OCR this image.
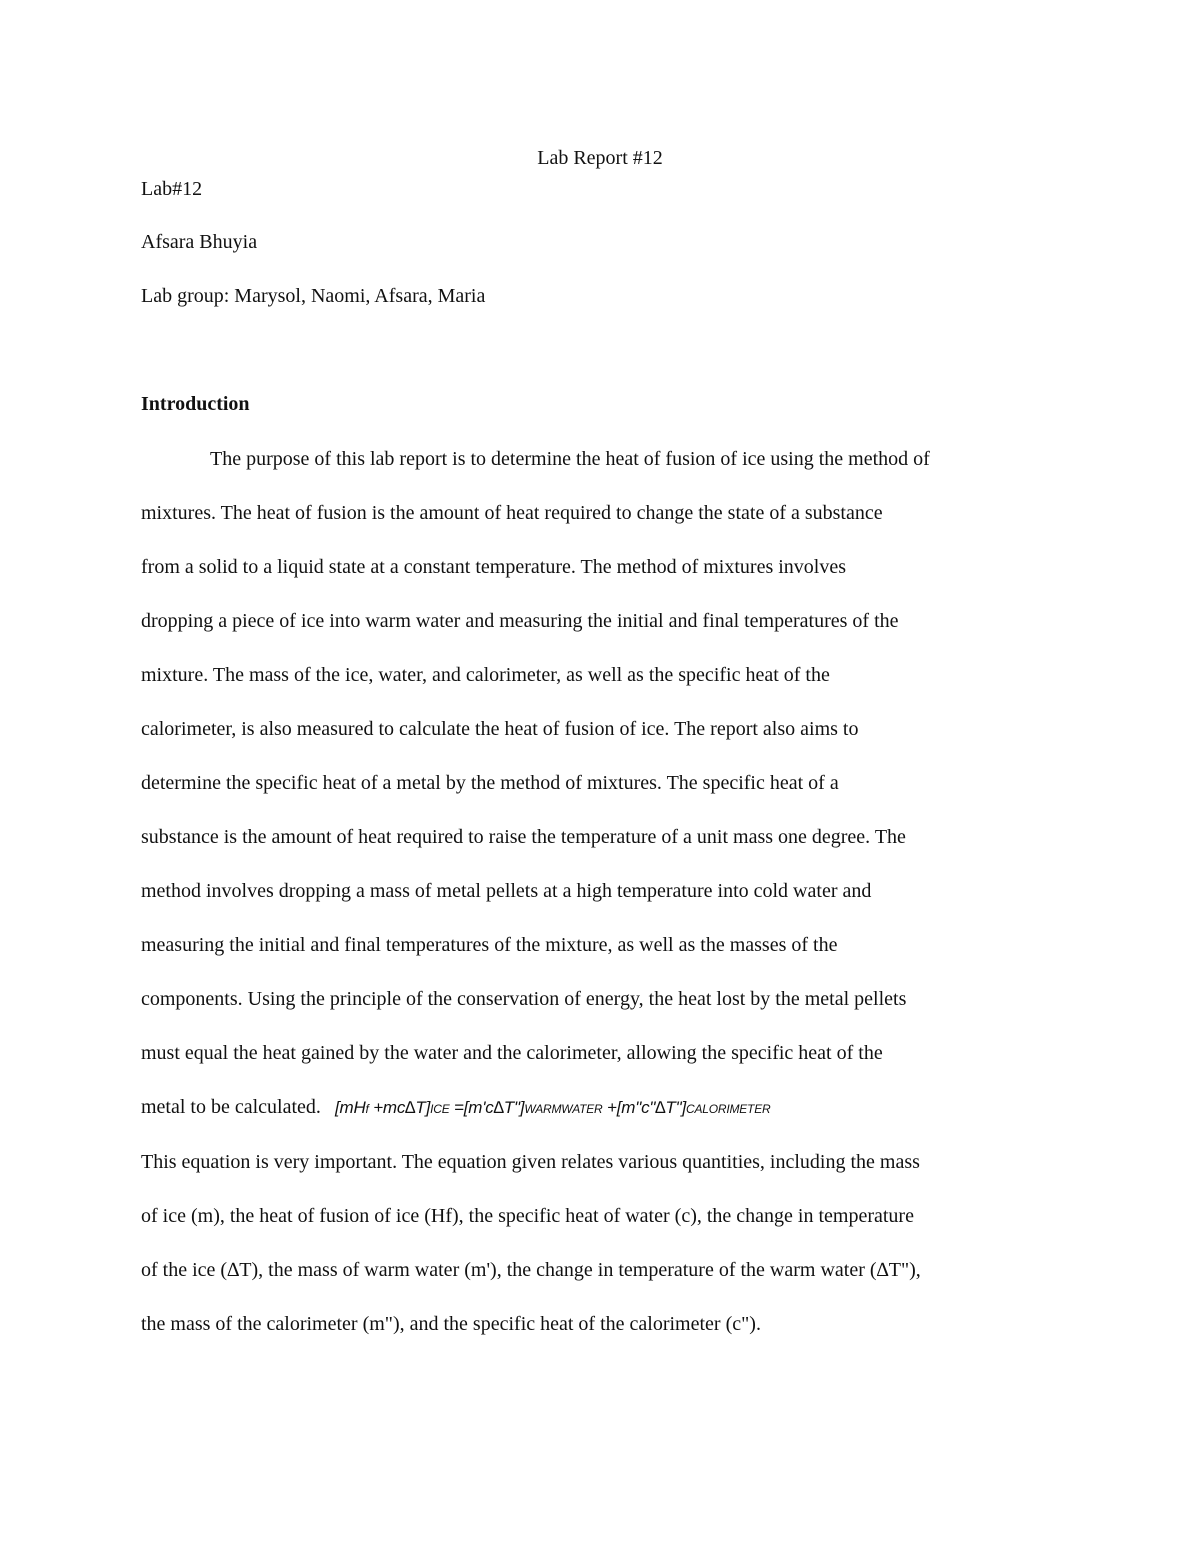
Lab Report #12
Lab#12
Afsara Bhuyia
Lab group: Marysol, Naomi, Afsara, Maria
Introduction
The purpose of this lab report is to determine the heat of fusion of ice using the method of
mixtures. The heat of fusion is the amount of heat required to change the state of a substance
from a solid to a liquid state at a constant temperature. The method of mixtures involves
dropping a piece of ice into warm water and measuring the initial and final temperatures of the
mixture. The mass of the ice, water, and calorimeter, as well as the specific heat of the
calorimeter, is also measured to calculate the heat of fusion of ice. The report also aims to
determine the specific heat of a metal by the method of mixtures. The specific heat of a
substance is the amount of heat required to raise the temperature of a unit mass one degree. The
method involves dropping a mass of metal pellets at a high temperature into cold water and
measuring the initial and final temperatures of the mixture, as well as the masses of the
components. Using the principle of the conservation of energy, the heat lost by the metal pellets
must equal the heat gained by the water and the calorimeter, allowing the specific heat of the
metal to be calculated. [mHf +mc∆T]ICE =[m'c∆T"]WARMWATER +[m"c"∆T"]CALORIMETER
This equation is very important. The equation given relates various quantities, including the mass
of ice (m), the heat of fusion of ice (Hf), the specific heat of water (c), the change in temperature
of the ice (∆T), the mass of warm water (m'), the change in temperature of the warm water (∆T"),
the mass of the calorimeter (m"), and the specific heat of the calorimeter (c").
